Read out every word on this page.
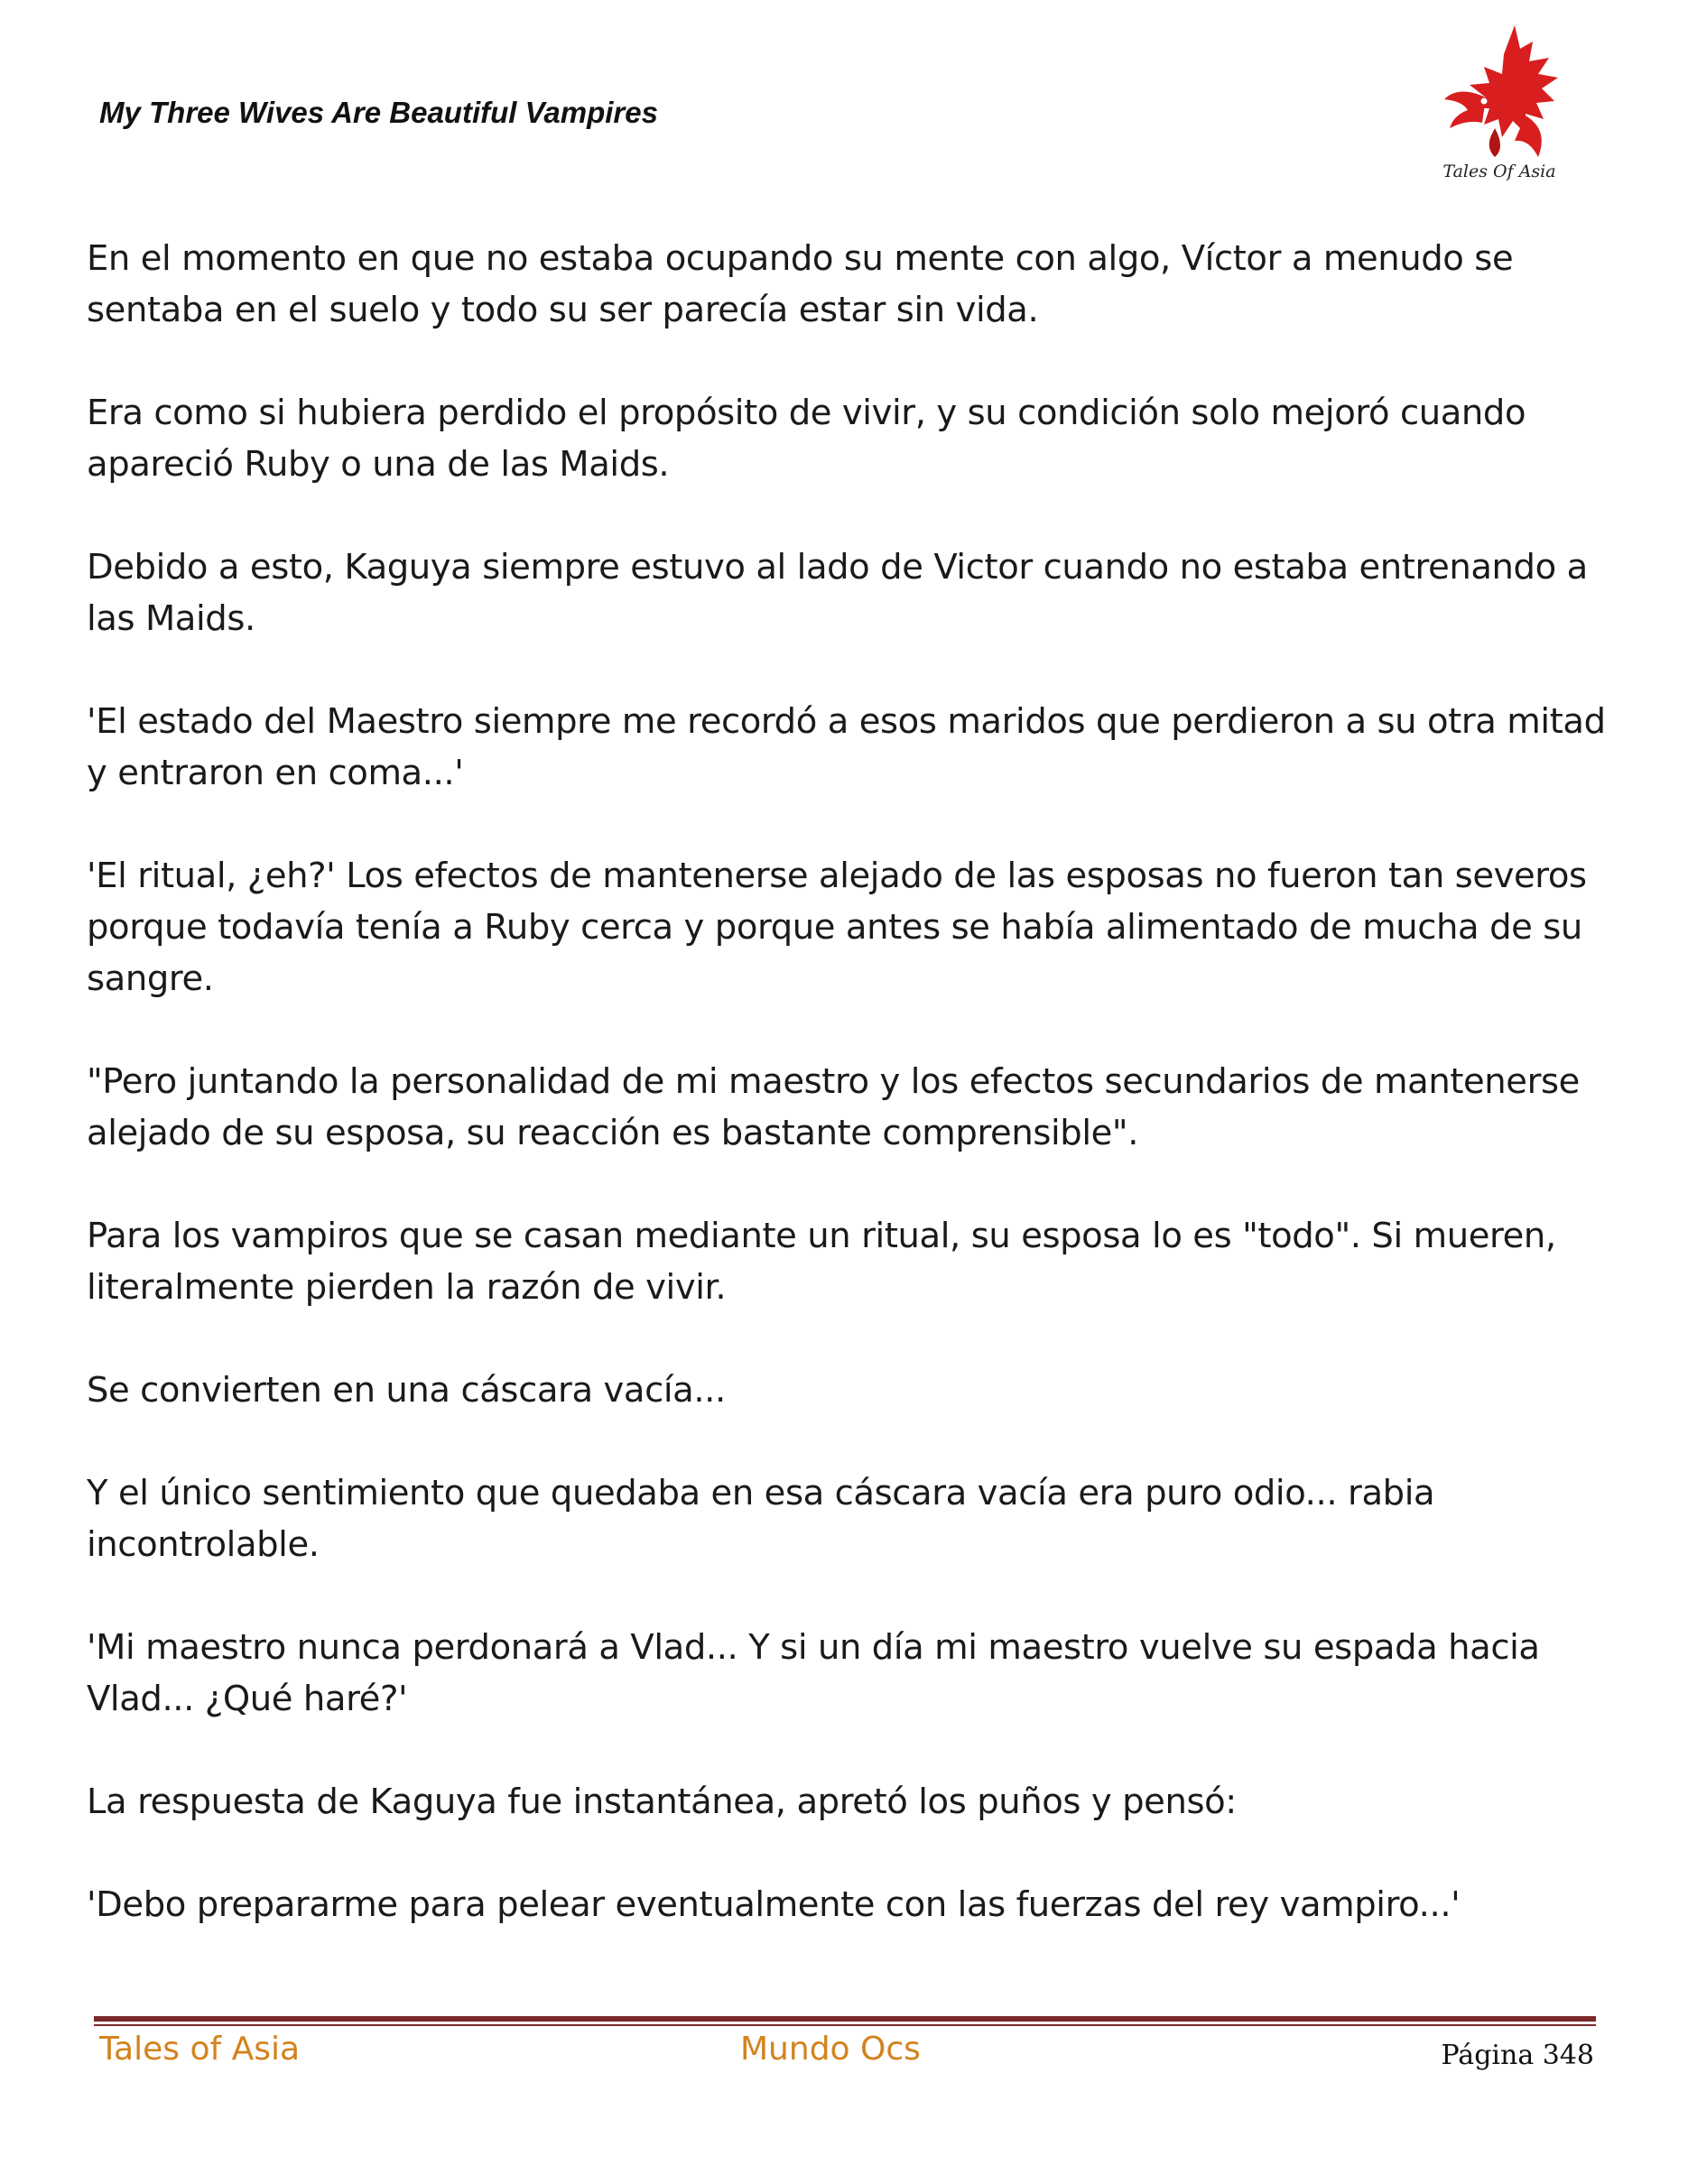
My Three Wives Are Beautiful Vampires
Tales Of Asia

En el momento en que no estaba ocupando su mente con algo, Víctor a menudo se sentaba en el suelo y todo su ser parecía estar sin vida.

Era como si hubiera perdido el propósito de vivir, y su condición solo mejoró cuando apareció Ruby o una de las Maids.

Debido a esto, Kaguya siempre estuvo al lado de Victor cuando no estaba entrenando a las Maids.

'El estado del Maestro siempre me recordó a esos maridos que perdieron a su otra mitad y entraron en coma...'

'El ritual, ¿eh?' Los efectos de mantenerse alejado de las esposas no fueron tan severos porque todavía tenía a Ruby cerca y porque antes se había alimentado de mucha de su sangre.

"Pero juntando la personalidad de mi maestro y los efectos secundarios de mantenerse alejado de su esposa, su reacción es bastante comprensible".

Para los vampiros que se casan mediante un ritual, su esposa lo es "todo". Si mueren, literalmente pierden la razón de vivir.

Se convierten en una cáscara vacía...

Y el único sentimiento que quedaba en esa cáscara vacía era puro odio... rabia incontrolable.

'Mi maestro nunca perdonará a Vlad... Y si un día mi maestro vuelve su espada hacia Vlad... ¿Qué haré?'

La respuesta de Kaguya fue instantánea, apretó los puños y pensó:

'Debo prepararme para pelear eventualmente con las fuerzas del rey vampiro...'

Tales of Asia	Mundo Ocs	Página 348
